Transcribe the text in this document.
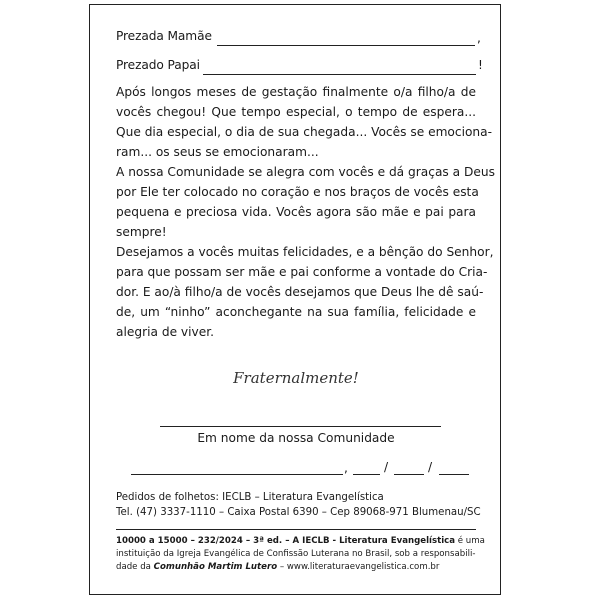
Prezada Mamãe	,
Prezado Papai	!
Após longos meses de gestação finalmente o/a filho/a de
vocês chegou! Que tempo especial, o tempo de espera...
Que dia especial, o dia de sua chegada... Vocês se emociona-
ram... os seus se emocionaram...
A nossa Comunidade se alegra com vocês e dá graças a Deus
por Ele ter colocado no coração e nos braços de vocês esta
pequena e preciosa vida. Vocês agora são mãe e pai para
sempre!
Desejamos a vocês muitas felicidades, e a bênção do Senhor,
para que possam ser mãe e pai conforme a vontade do Cria-
dor. E ao/à filho/a de vocês desejamos que Deus lhe dê saú-
de, um “ninho” aconchegante na sua família, felicidade e
alegria de viver.
Fraternalmente!
Em nome da nossa Comunidade
,	/	/
Pedidos de folhetos: IECLB – Literatura Evangelística
Tel. (47) 3337-1110 – Caixa Postal 6390 – Cep 89068-971 Blumenau/SC
10000 a 15000 – 232/2024 – 3ª ed. – A IECLB - Literatura Evangelística é uma
instituição da Igreja Evangélica de Confissão Luterana no Brasil, sob a responsabili-
dade da Comunhão Martim Lutero – www.literaturaevangelistica.com.br
